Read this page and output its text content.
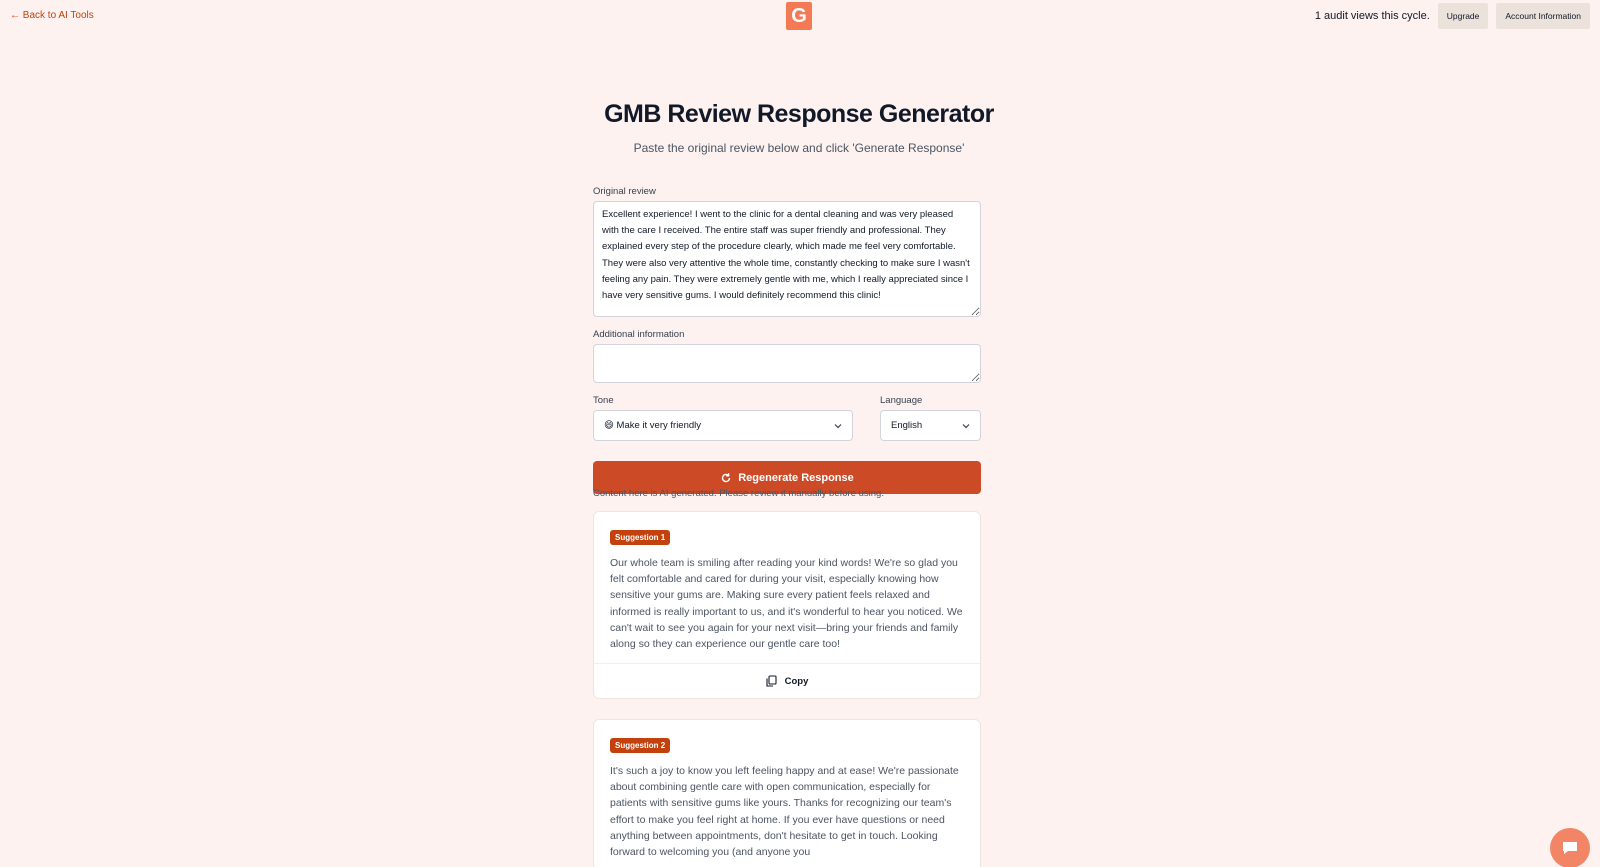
← Back to AI Tools	G	1 audit views this cycle.	Upgrade	Account Information
GMB Review Response Generator

Paste the original review below and click 'Generate Response'

Original review
Excellent experience! I went to the clinic for a dental cleaning and was very pleased with the care I received. The entire staff was super friendly and professional. They explained every step of the procedure clearly, which made me feel very comfortable. They were also very attentive the whole time, constantly checking to make sure I wasn't feeling any pain. They were extremely gentle with me, which I really appreciated since I have very sensitive gums. I would definitely recommend this clinic!
Additional information
Tone
😄 Make it very friendly
Language
English
Regenerate Response

Content here is AI generated. Please review it manually before using.

Suggestion 1

Our whole team is smiling after reading your kind words! We're so glad you felt comfortable and cared for during your visit, especially knowing how sensitive your gums are. Making sure every patient feels relaxed and informed is really important to us, and it's wonderful to hear you noticed. We can't wait to see you again for your next visit—bring your friends and family along so they can experience our gentle care too!

Copy
Suggestion 2

It's such a joy to know you left feeling happy and at ease! We're passionate about combining gentle care with open communication, especially for patients with sensitive gums like yours. Thanks for recognizing our team's effort to make you feel right at home. If you ever have questions or need anything between appointments, don't hesitate to get in touch. Looking forward to welcoming you (and anyone you
